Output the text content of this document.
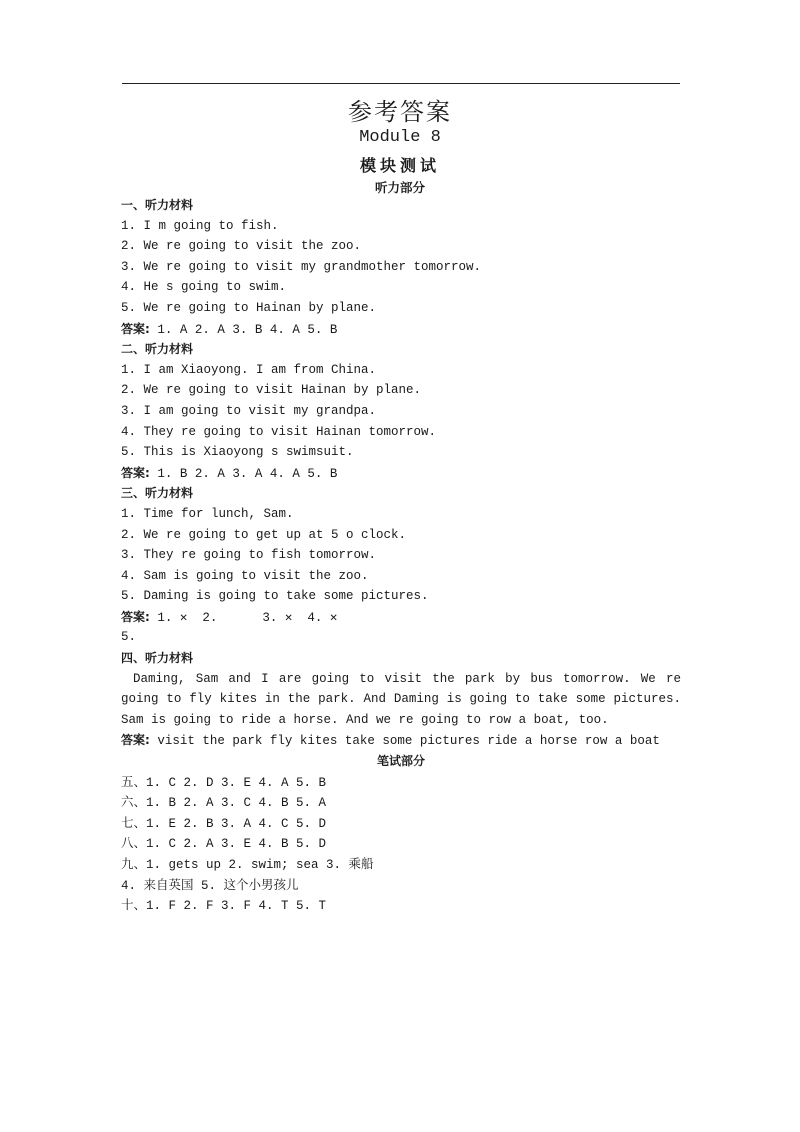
参考答案
Module 8
模块测试
听力部分
一、听力材料
1. I m going to fish.
2. We re going to visit the zoo.
3. We re going to visit my grandmother tomorrow.
4. He s going to swim.
5. We re going to Hainan by plane.
答案: 1. A 2. A 3. B 4. A 5. B
二、听力材料
1. I am Xiaoyong. I am from China.
2. We re going to visit Hainan by plane.
3. I am going to visit my grandpa.
4. They re going to visit Hainan tomorrow.
5. This is Xiaoyong s swimsuit.
答案: 1. B 2. A 3. A 4. A 5. B
三、听力材料
1. Time for lunch, Sam.
2. We re going to get up at 5 o clock.
3. They re going to fish tomorrow.
4. Sam is going to visit the zoo.
5. Daming is going to take some pictures.
答案: 1. ✕  2.      3. ✕  4. ✕
5.
四、听力材料
Daming, Sam and I are going to visit the park by bus tomorrow. We re going to fly kites in the park. And Daming is going to take some pictures. Sam is going to ride a horse. And we re going to row a boat, too.
答案: visit the park fly kites take some pictures ride a horse row a boat
笔试部分
五、1. C 2. D 3. E 4. A 5. B
六、1. B 2. A 3. C 4. B 5. A
七、1. E 2. B 3. A 4. C 5. D
八、1. C 2. A 3. E 4. B 5. D
九、1. gets up 2. swim; sea 3. 乘船
4. 来自英国 5. 这个小男孩儿
十、1. F 2. F 3. F 4. T 5. T
